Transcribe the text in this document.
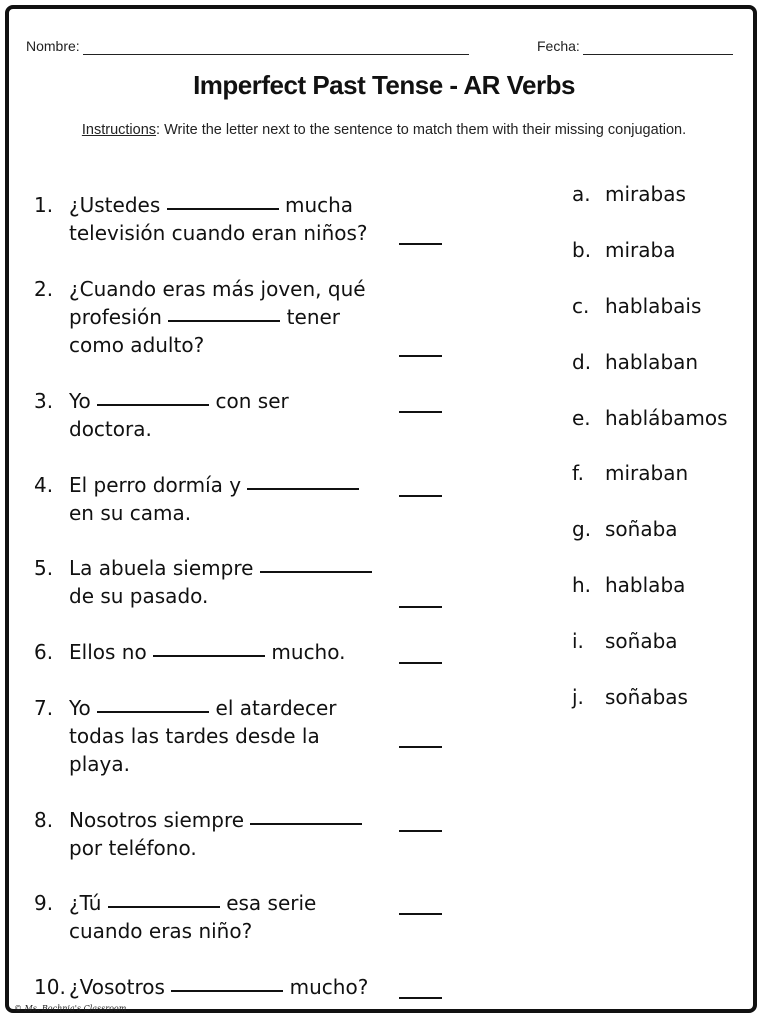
Nombre:	Fecha:
Imperfect Past Tense - AR Verbs
Instructions: Write the letter next to the sentence to match them with their missing conjugation.
1. ¿Ustedes	mucha
televisión cuando eran niños?
2. ¿Cuando eras más joven, qué
profesión	tener
como adulto?
3. Yo	con ser
doctora.
4. El perro dormía y
en su cama.
5. La abuela siempre
de su pasado.
6. Ellos no	mucho.
7. Yo	el atardecer
todas las tardes desde la
playa.
8. Nosotros siempre
por teléfono.
9. ¿Tú	esa serie
cuando eras niño?
10. ¿Vosotros	mucho?
a. mirabas
b. miraba
c. hablabais
d. hablaban
e. hablábamos
f. miraban
g. soñaba
h. hablaba
i. soñaba
j. soñabas
© Ms. Bochnia's Classroom
